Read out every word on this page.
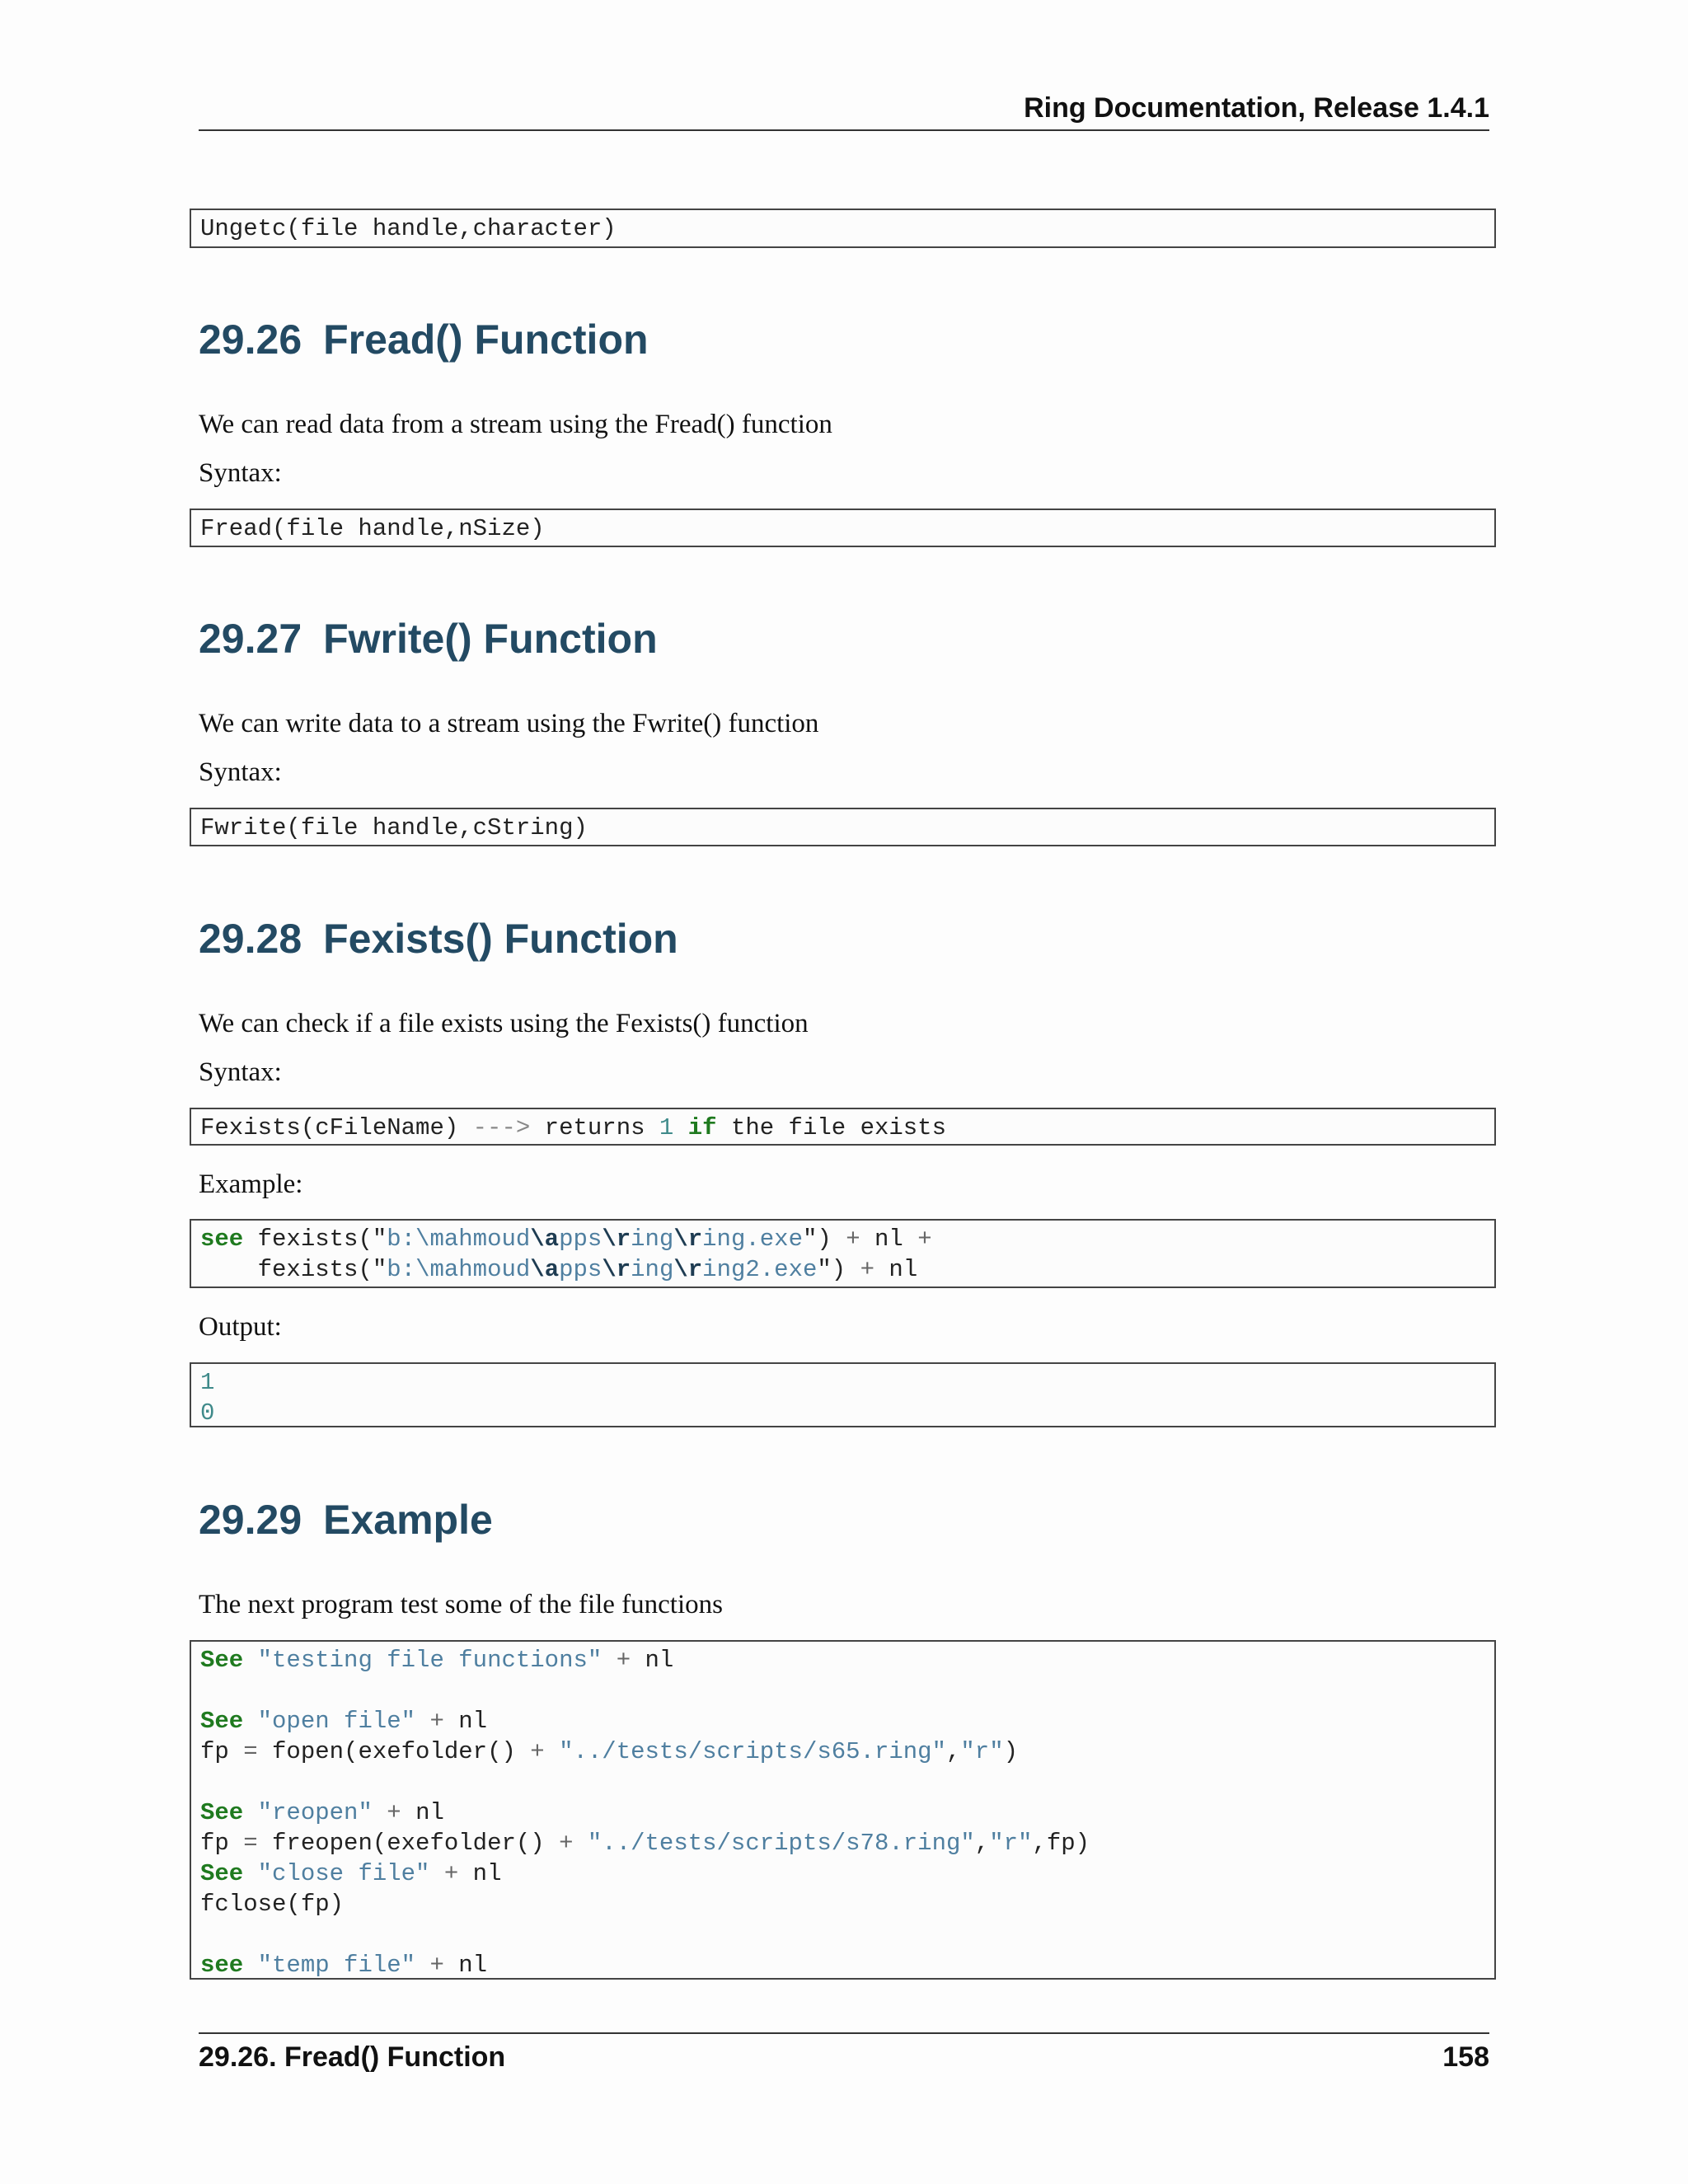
Ring Documentation, Release 1.4.1
Ungetc(file handle,character)
29.26 Fread() Function
We can read data from a stream using the Fread() function
Syntax:
Fread(file handle,nSize)
29.27 Fwrite() Function
We can write data to a stream using the Fwrite() function
Syntax:
Fwrite(file handle,cString)
29.28 Fexists() Function
We can check if a file exists using the Fexists() function
Syntax:
Fexists(cFileName) ---> returns 1 if the file exists
Example:
see fexists("b:\mahmoud\apps\ring\ring.exe") + nl +
fexists("b:\mahmoud\apps\ring\ring2.exe") + nl
Output:
1
0
29.29 Example
The next program test some of the file functions
See "testing file functions" + nl
See "open file" + nl
fp = fopen(exefolder() + "../tests/scripts/s65.ring","r")
See "reopen" + nl
fp = freopen(exefolder() + "../tests/scripts/s78.ring","r",fp)
See "close file" + nl
fclose(fp)
see "temp file" + nl
29.26. Fread() Function	158
